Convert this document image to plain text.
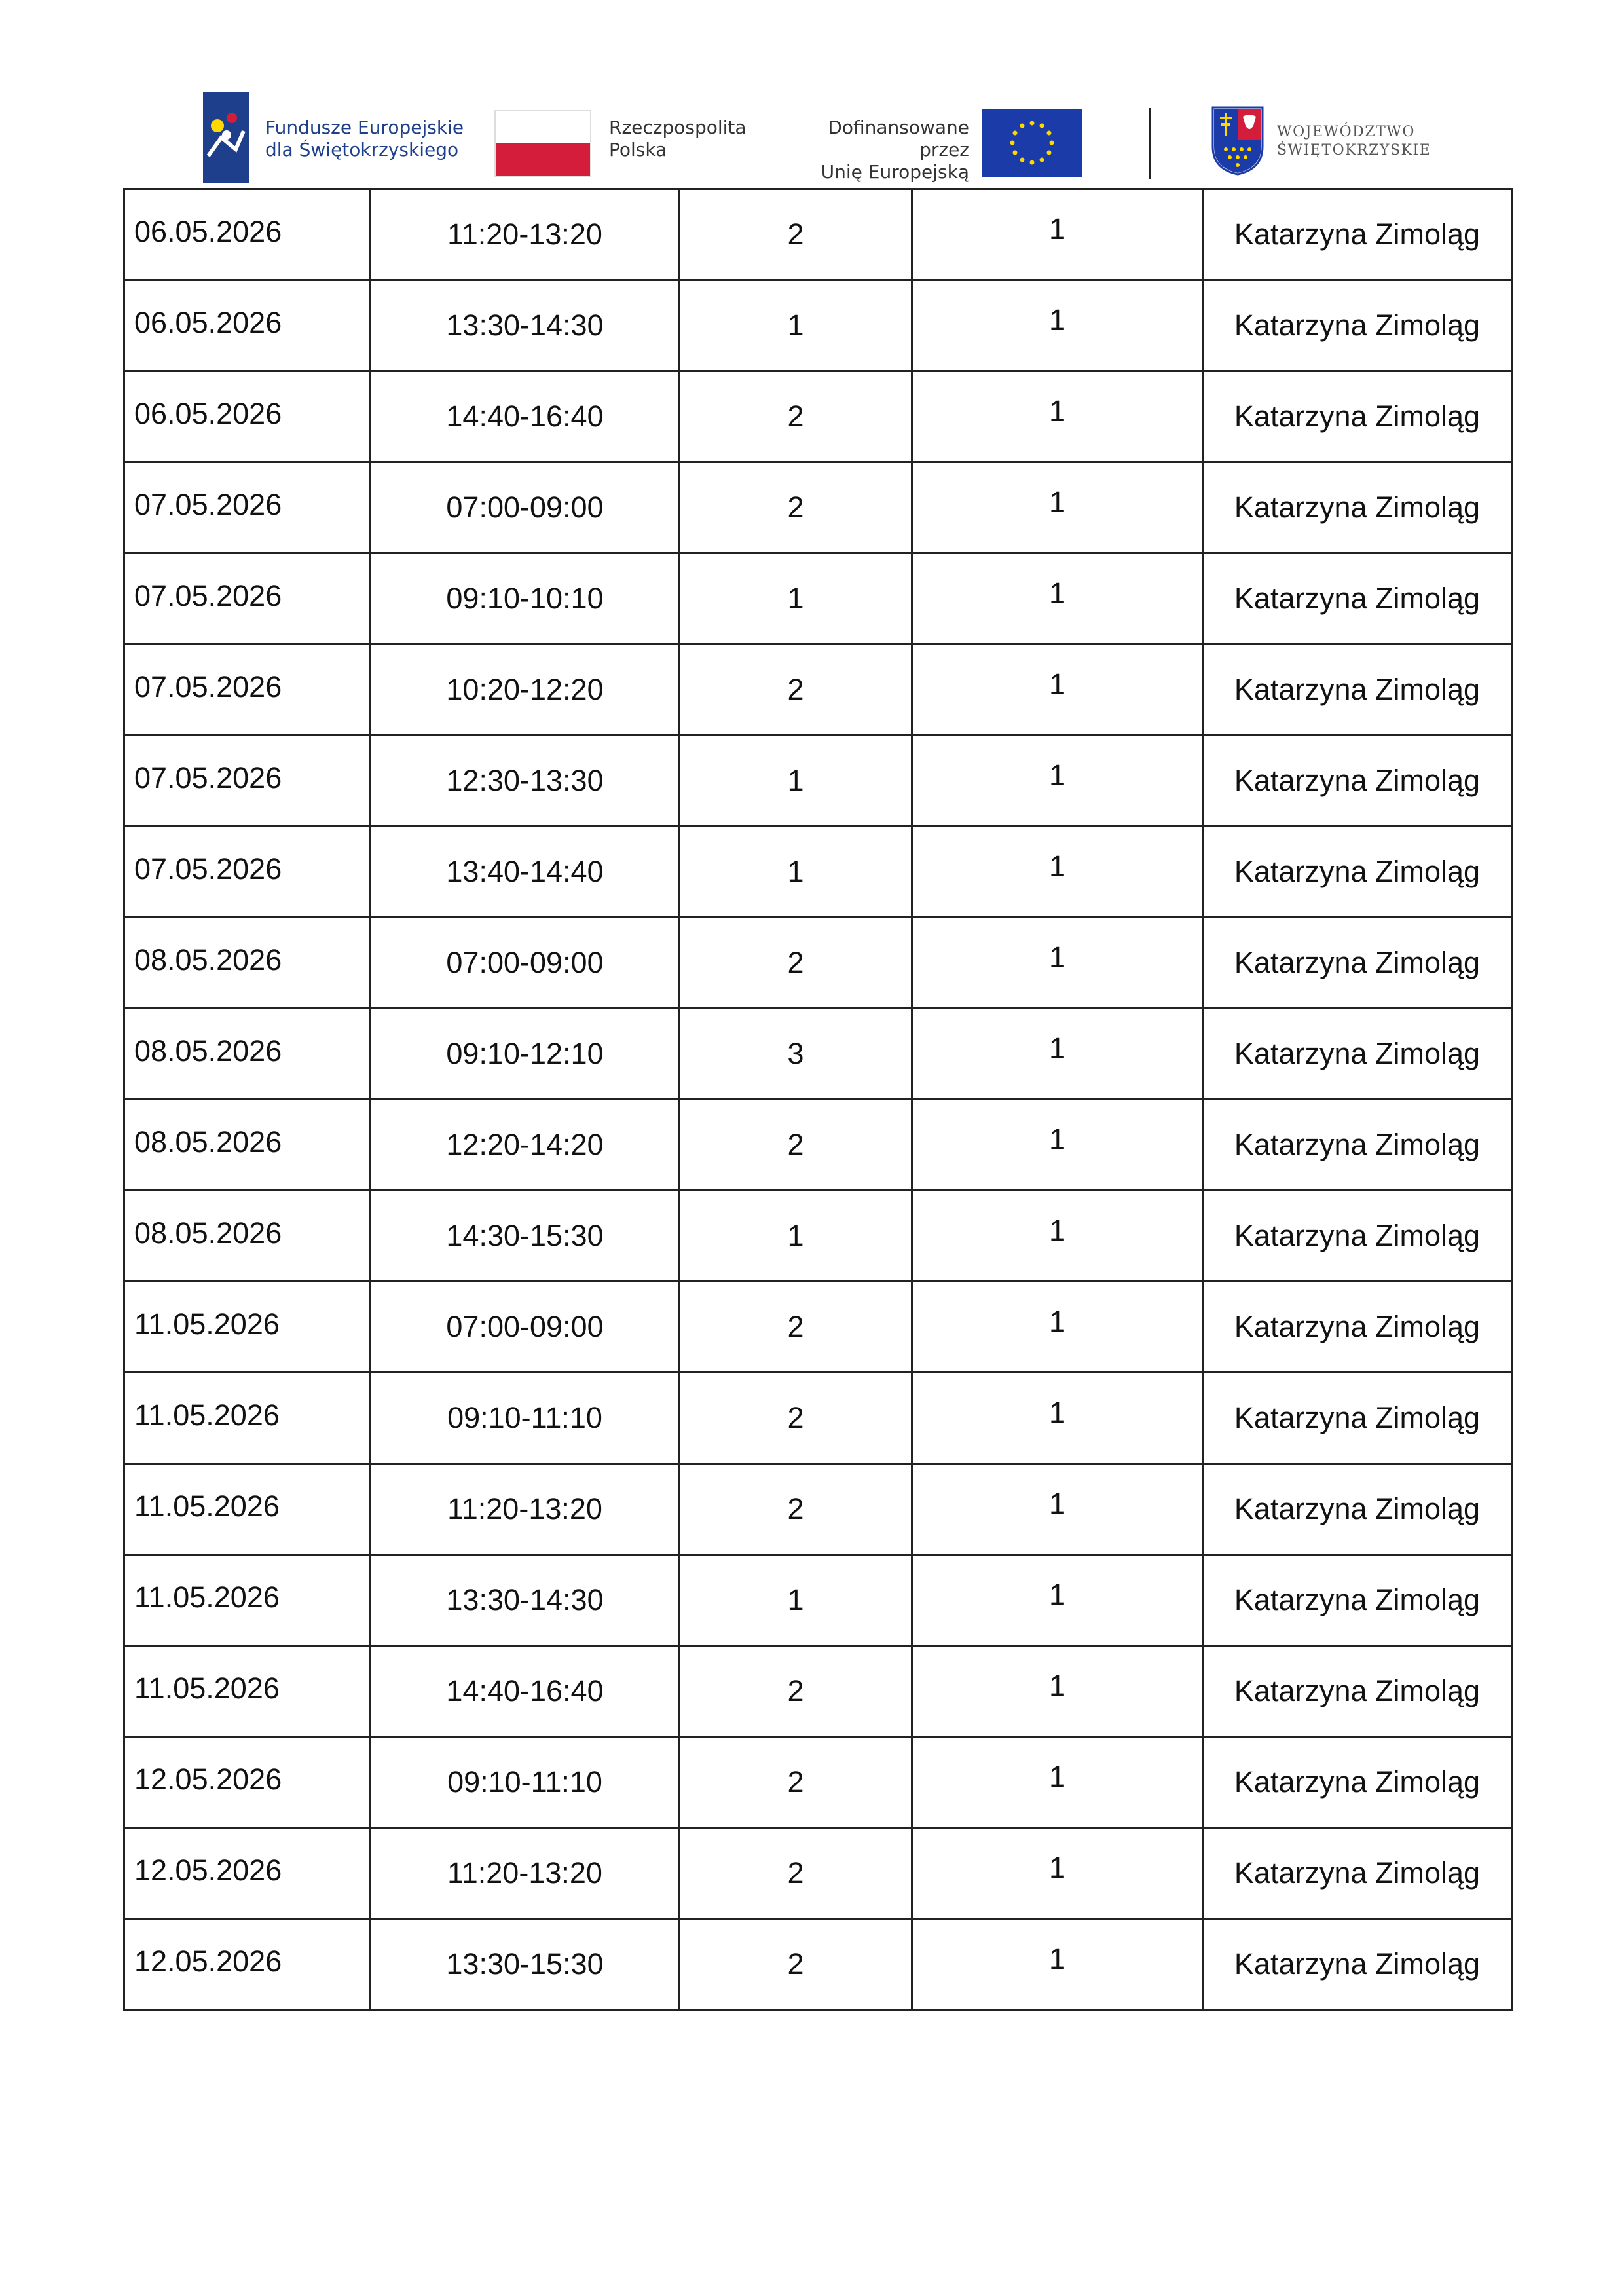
Fundusze Europejskie
dla Świętokrzyskiego
Rzeczpospolita
Polska
Dofinansowane przez
Unię Europejską
WOJEWÓDZTWO
ŚWIĘTOKRZYSKIE
06.05.2026	11:20-13:20	2	1	Katarzyna Zimoląg
06.05.2026	13:30-14:30	1	1	Katarzyna Zimoląg
06.05.2026	14:40-16:40	2	1	Katarzyna Zimoląg
07.05.2026	07:00-09:00	2	1	Katarzyna Zimoląg
07.05.2026	09:10-10:10	1	1	Katarzyna Zimoląg
07.05.2026	10:20-12:20	2	1	Katarzyna Zimoląg
07.05.2026	12:30-13:30	1	1	Katarzyna Zimoląg
07.05.2026	13:40-14:40	1	1	Katarzyna Zimoląg
08.05.2026	07:00-09:00	2	1	Katarzyna Zimoląg
08.05.2026	09:10-12:10	3	1	Katarzyna Zimoląg
08.05.2026	12:20-14:20	2	1	Katarzyna Zimoląg
08.05.2026	14:30-15:30	1	1	Katarzyna Zimoląg
11.05.2026	07:00-09:00	2	1	Katarzyna Zimoląg
11.05.2026	09:10-11:10	2	1	Katarzyna Zimoląg
11.05.2026	11:20-13:20	2	1	Katarzyna Zimoląg
11.05.2026	13:30-14:30	1	1	Katarzyna Zimoląg
11.05.2026	14:40-16:40	2	1	Katarzyna Zimoląg
12.05.2026	09:10-11:10	2	1	Katarzyna Zimoląg
12.05.2026	11:20-13:20	2	1	Katarzyna Zimoląg
12.05.2026	13:30-15:30	2	1	Katarzyna Zimoląg
